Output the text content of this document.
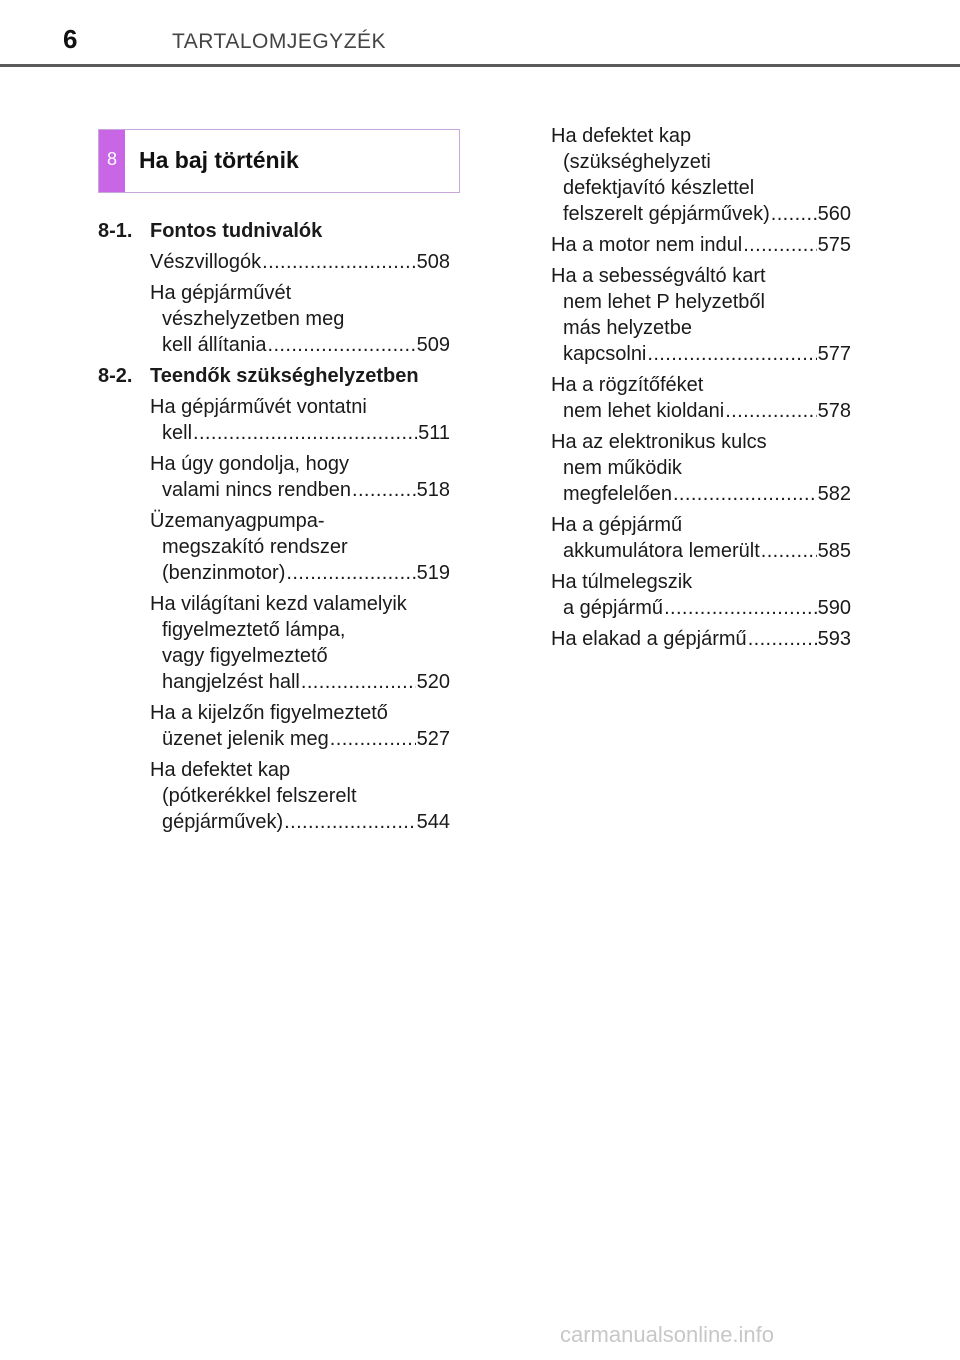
6	TARTALOMJEGYZÉK
8 Ha baj történik
8-1. Fontos tudnivalók
Vészvillogók .....	508
Ha gépjárművét
vészhelyzetben meg
kell állítania .....	509
8-2. Teendők szükséghelyzetben
Ha gépjárművét vontatni
kell .....	511
Ha úgy gondolja, hogy
valami nincs rendben .....	518
Üzemanyagpumpa-
megszakító rendszer
(benzinmotor) .....	519
Ha világítani kezd valamelyik
figyelmeztető lámpa,
vagy figyelmeztető
hangjelzést hall .....	520
Ha a kijelzőn figyelmeztető
üzenet jelenik meg .....	527
Ha defektet kap
(pótkerékkel felszerelt
gépjárművek) .....	544
Ha defektet kap
(szükséghelyzeti
defektjavító készlettel
felszerelt gépjárművek) ..... 560
Ha a motor nem indul .....	575
Ha a sebességváltó kart
nem lehet P helyzetből
más helyzetbe
kapcsolni .....	577
Ha a rögzítőféket
nem lehet kioldani .....	578
Ha az elektronikus kulcs
nem működik
megfelelően .....	582
Ha a gépjármű
akkumulátora lemerült .....	585
Ha túlmelegszik
a gépjármű .....	590
Ha elakad a gépjármű .....	593
carmanualsonline.info
